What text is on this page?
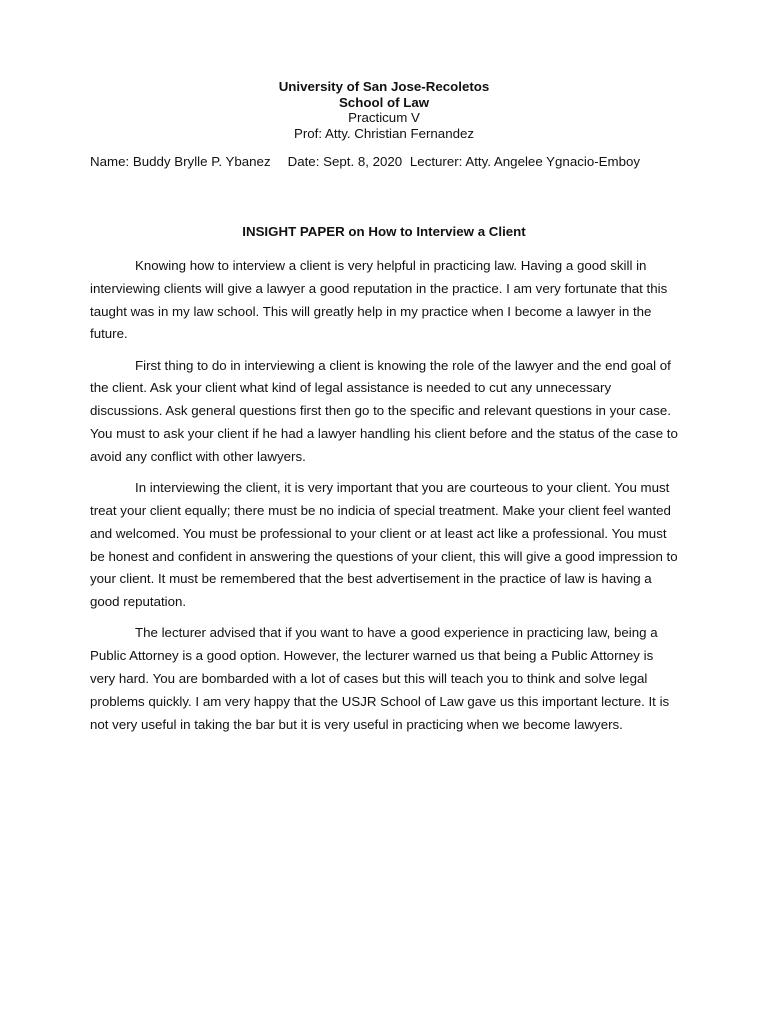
University of San Jose-Recoletos
School of Law
Practicum V
Prof: Atty. Christian Fernandez
Name: Buddy Brylle P. Ybanez Date: Sept. 8, 2020 Lecturer: Atty. Angelee Ygnacio-Emboy
INSIGHT PAPER on How to Interview a Client

Knowing how to interview a client is very helpful in practicing law. Having a good skill in interviewing clients will give a lawyer a good reputation in the practice. I am very fortunate that this taught was in my law school. This will greatly help in my practice when I become a lawyer in the future.

First thing to do in interviewing a client is knowing the role of the lawyer and the end goal of the client. Ask your client what kind of legal assistance is needed to cut any unnecessary discussions. Ask general questions first then go to the specific and relevant questions in your case. You must to ask your client if he had a lawyer handling his client before and the status of the case to avoid any conflict with other lawyers.

In interviewing the client, it is very important that you are courteous to your client. You must treat your client equally; there must be no indicia of special treatment. Make your client feel wanted and welcomed. You must be professional to your client or at least act like a professional. You must be honest and confident in answering the questions of your client, this will give a good impression to your client. It must be remembered that the best advertisement in the practice of law is having a good reputation.

The lecturer advised that if you want to have a good experience in practicing law, being a Public Attorney is a good option. However, the lecturer warned us that being a Public Attorney is very hard. You are bombarded with a lot of cases but this will teach you to think and solve legal problems quickly. I am very happy that the USJR School of Law gave us this important lecture. It is not very useful in taking the bar but it is very useful in practicing when we become lawyers.
